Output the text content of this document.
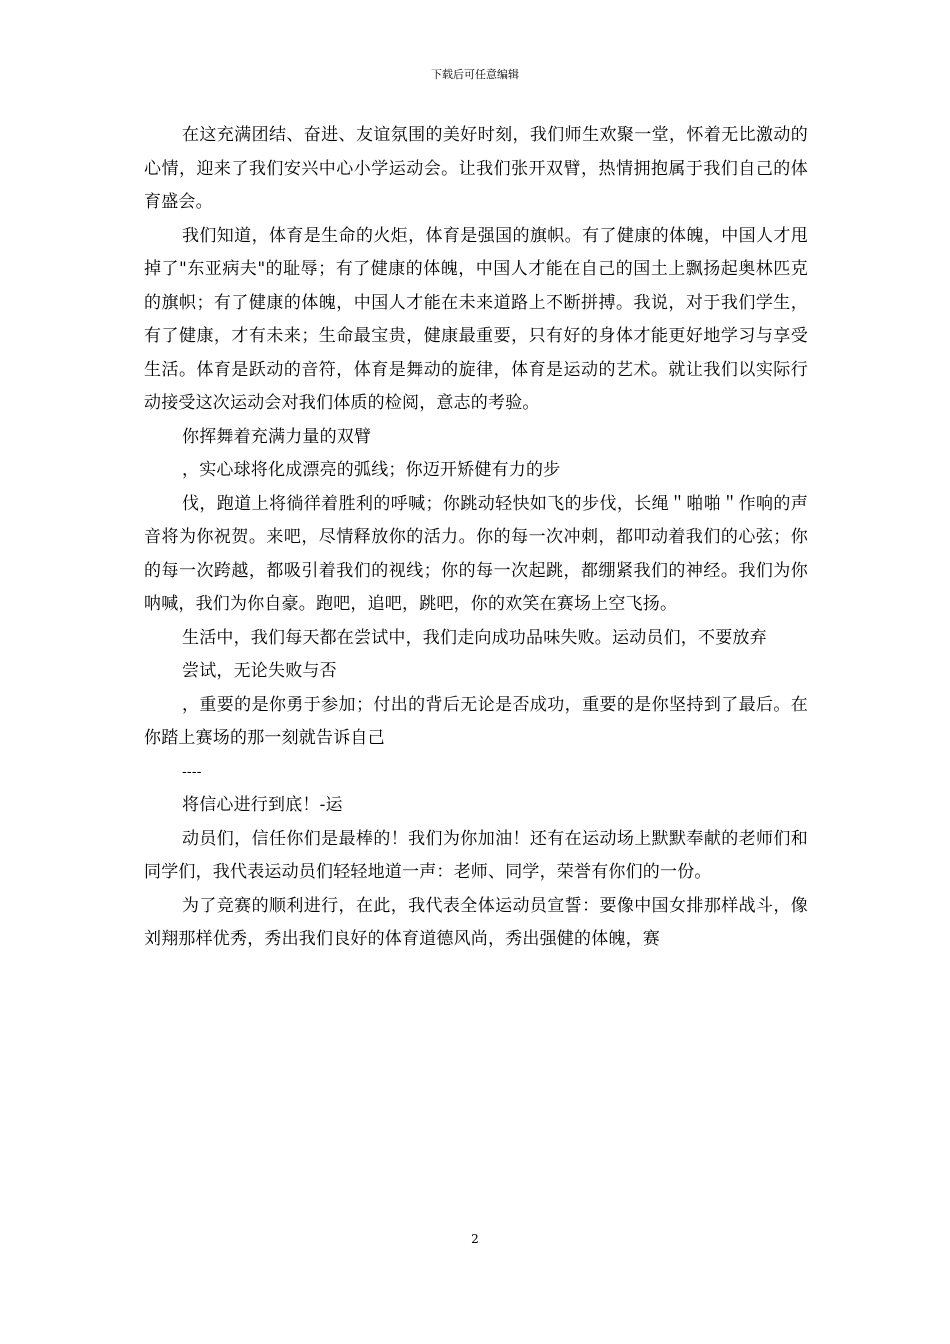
下载后可任意编辑

在这充满团结、奋进、友谊氛围的美好时刻，我们师生欢聚一堂，怀着无比激动的心情，迎来了我们安兴中心小学运动会。让我们张开双臂，热情拥抱属于我们自己的体育盛会。

我们知道，体育是生命的火炬，体育是强国的旗帜。有了健康的体魄，中国人才甩掉了"东亚病夫"的耻辱；有了健康的体魄，中国人才能在自己的国土上飘扬起奥林匹克的旗帜；有了健康的体魄，中国人才能在未来道路上不断拼搏。我说，对于我们学生，有了健康，才有未来；生命最宝贵，健康最重要，只有好的身体才能更好地学习与享受生活。体育是跃动的音符，体育是舞动的旋律，体育是运动的艺术。就让我们以实际行动接受这次运动会对我们体质的检阅，意志的考验。

你挥舞着充满力量的双臂

，实心球将化成漂亮的弧线；你迈开矫健有力的步

伐，跑道上将徜徉着胜利的呼喊；你跳动轻快如飞的步伐，长绳＂啪啪＂作响的声音将为你祝贺。来吧，尽情释放你的活力。你的每一次冲刺，都叩动着我们的心弦；你的每一次跨越，都吸引着我们的视线；你的每一次起跳，都绷紧我们的神经。我们为你呐喊，我们为你自豪。跑吧，追吧，跳吧，你的欢笑在赛场上空飞扬。

生活中，我们每天都在尝试中，我们走向成功品味失败。运动员们，不要放弃

尝试，无论失败与否

，重要的是你勇于参加；付出的背后无论是否成功，重要的是你坚持到了最后。在你踏上赛场的那一刻就告诉自己

----

将信心进行到底！-运

动员们，信任你们是最棒的！我们为你加油！还有在运动场上默默奉献的老师们和同学们，我代表运动员们轻轻地道一声：老师、同学，荣誉有你们的一份。

为了竞赛的顺利进行，在此，我代表全体运动员宣誓：要像中国女排那样战斗，像刘翔那样优秀，秀出我们良好的体育道德风尚，秀出强健的体魄，赛

2
